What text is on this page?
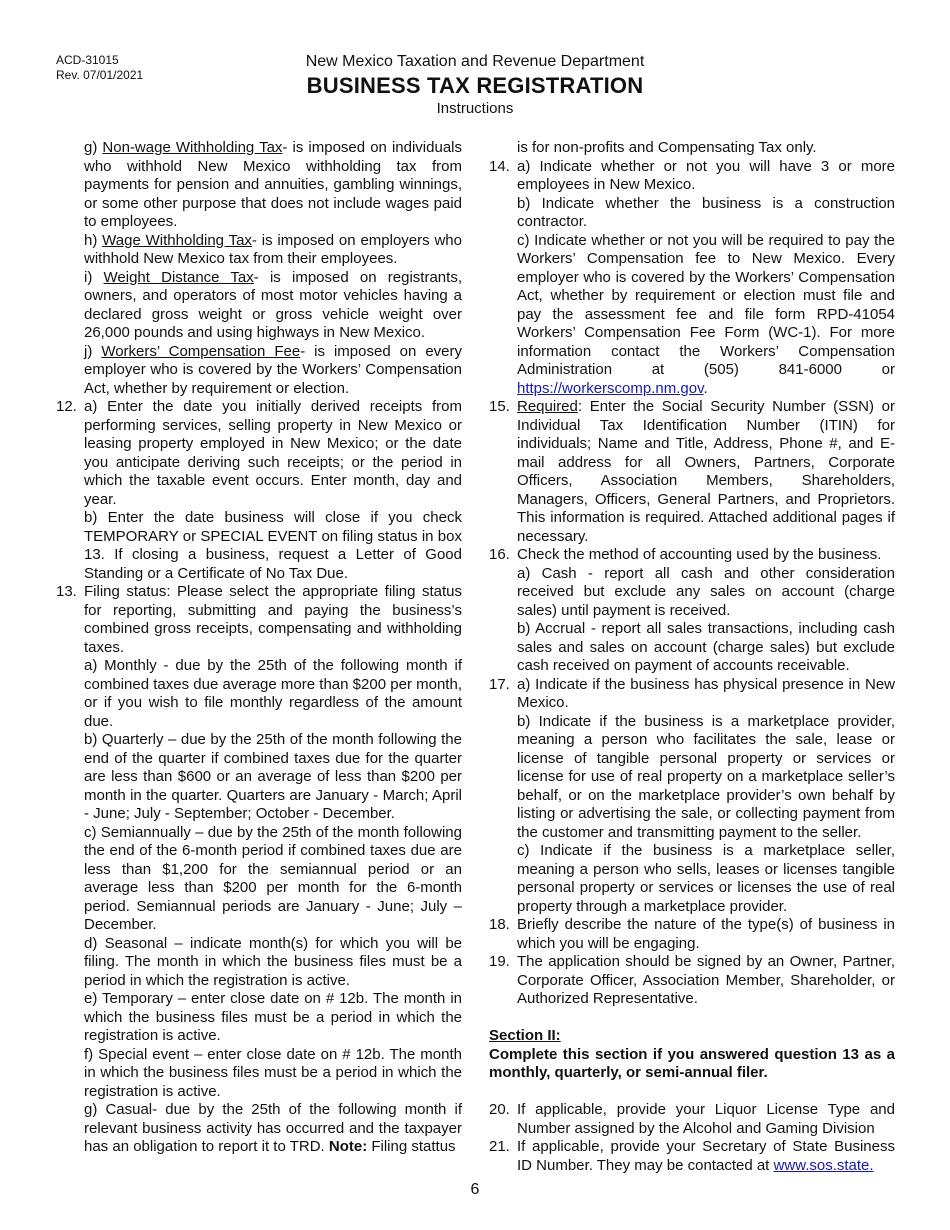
ACD-31015
Rev. 07/01/2021
New Mexico Taxation and Revenue Department
BUSINESS TAX REGISTRATION
Instructions
g) Non-wage Withholding Tax- is imposed on individuals who withhold New Mexico withholding tax from payments for pension and annuities, gambling winnings, or some other purpose that does not include wages paid to employees.
h) Wage Withholding Tax- is imposed on employers who withhold New Mexico tax from their employees.
i) Weight Distance Tax- is imposed on registrants, owners, and operators of most motor vehicles having a declared gross weight or gross vehicle weight over 26,000 pounds and using highways in New Mexico.
j) Workers’ Compensation Fee- is imposed on every employer who is covered by the Workers’ Compensation Act, whether by requirement or election.
12. a) Enter the date you initially derived receipts from performing services, selling property in New Mexico or leasing property employed in New Mexico; or the date you anticipate deriving such receipts; or the period in which the taxable event occurs. Enter month, day and year.
b) Enter the date business will close if you check TEMPORARY or SPECIAL EVENT on filing status in box 13. If closing a business, request a Letter of Good Standing or a Certificate of No Tax Due.
13. Filing status: Please select the appropriate filing status for reporting, submitting and paying the business’s combined gross receipts, compensating and withholding taxes.
a) Monthly - due by the 25th of the following month if combined taxes due average more than $200 per month, or if you wish to file monthly regardless of the amount due.
b) Quarterly – due by the 25th of the month following the end of the quarter if combined taxes due for the quarter are less than $600 or an average of less than $200 per month in the quarter. Quarters are January - March; April - June; July - September; October - December.
c) Semiannually – due by the 25th of the month following the end of the 6-month period if combined taxes due are less than $1,200 for the semiannual period or an average less than $200 per month for the 6-month period. Semiannual periods are January - June; July – December.
d) Seasonal – indicate month(s) for which you will be filing. The month in which the business files must be a period in which the registration is active.
e) Temporary – enter close date on # 12b. The month in which the business files must be a period in which the registration is active.
f) Special event – enter close date on # 12b. The month in which the business files must be a period in which the registration is active.
g) Casual- due by the 25th of the following month if relevant business activity has occurred and the taxpayer has an obligation to report it to TRD. Note: Filing stattus
is for non-profits and Compensating Tax only.
14. a) Indicate whether or not you will have 3 or more employees in New Mexico.
b) Indicate whether the business is a construction contractor.
c) Indicate whether or not you will be required to pay the Workers’ Compensation fee to New Mexico. Every employer who is covered by the Workers’ Compensation Act, whether by requirement or election must file and pay the assessment fee and file form RPD-41054 Workers’ Compensation Fee Form (WC-1). For more information contact the Workers’ Compensation Administration at (505) 841-6000 or https://workerscomp.nm.gov.
15. Required: Enter the Social Security Number (SSN) or Individual Tax Identification Number (ITIN) for individuals; Name and Title, Address, Phone #, and E-mail address for all Owners, Partners, Corporate Officers, Association Members, Shareholders, Managers, Officers, General Partners, and Proprietors. This information is required. Attached additional pages if necessary.
16. Check the method of accounting used by the business.
a) Cash - report all cash and other consideration received but exclude any sales on account (charge sales) until payment is received.
b) Accrual - report all sales transactions, including cash sales and sales on account (charge sales) but exclude cash received on payment of accounts receivable.
17. a) Indicate if the business has physical presence in New Mexico.
b) Indicate if the business is a marketplace provider, meaning a person who facilitates the sale, lease or license of tangible personal property or services or license for use of real property on a marketplace seller’s behalf, or on the marketplace provider’s own behalf by listing or advertising the sale, or collecting payment from the customer and transmitting payment to the seller.
c) Indicate if the business is a marketplace seller, meaning a person who sells, leases or licenses tangible personal property or services or licenses the use of real property through a marketplace provider.
18. Briefly describe the nature of the type(s) of business in which you will be engaging.
19. The application should be signed by an Owner, Partner, Corporate Officer, Association Member, Shareholder, or Authorized Representative.
Section II:
Complete this section if you answered question 13 as a monthly, quarterly, or semi-annual filer.
20. If applicable, provide your Liquor License Type and Number assigned by the Alcohol and Gaming Division
21. If applicable, provide your Secretary of State Business ID Number. They may be contacted at www.sos.state.
6
